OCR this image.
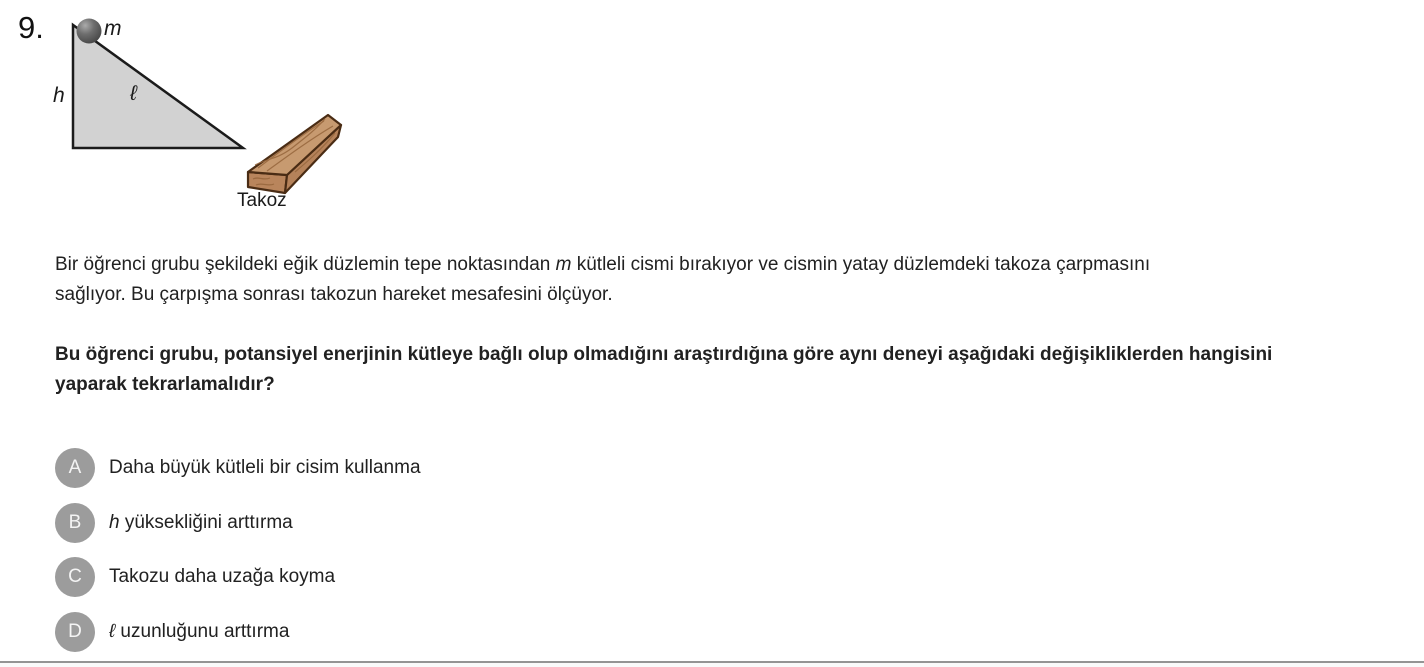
9.	m
h	ℓ
Takoz

Bir öğrenci grubu şekildeki eğik düzlemin tepe noktasından m kütleli cismi bırakıyor ve cismin yatay düzlemdeki takoza çarpmasını
sağlıyor. Bu çarpışma sonrası takozun hareket mesafesini ölçüyor.

Bu öğrenci grubu, potansiyel enerjinin kütleye bağlı olup olmadığını araştırdığına göre aynı deneyi aşağıdaki değişikliklerden hangisini
yaparak tekrarlamalıdır?

A	Daha büyük kütleli bir cisim kullanma
B	h yüksekliğini arttırma
C	Takozu daha uzağa koyma
D	ℓ uzunluğunu arttırma
